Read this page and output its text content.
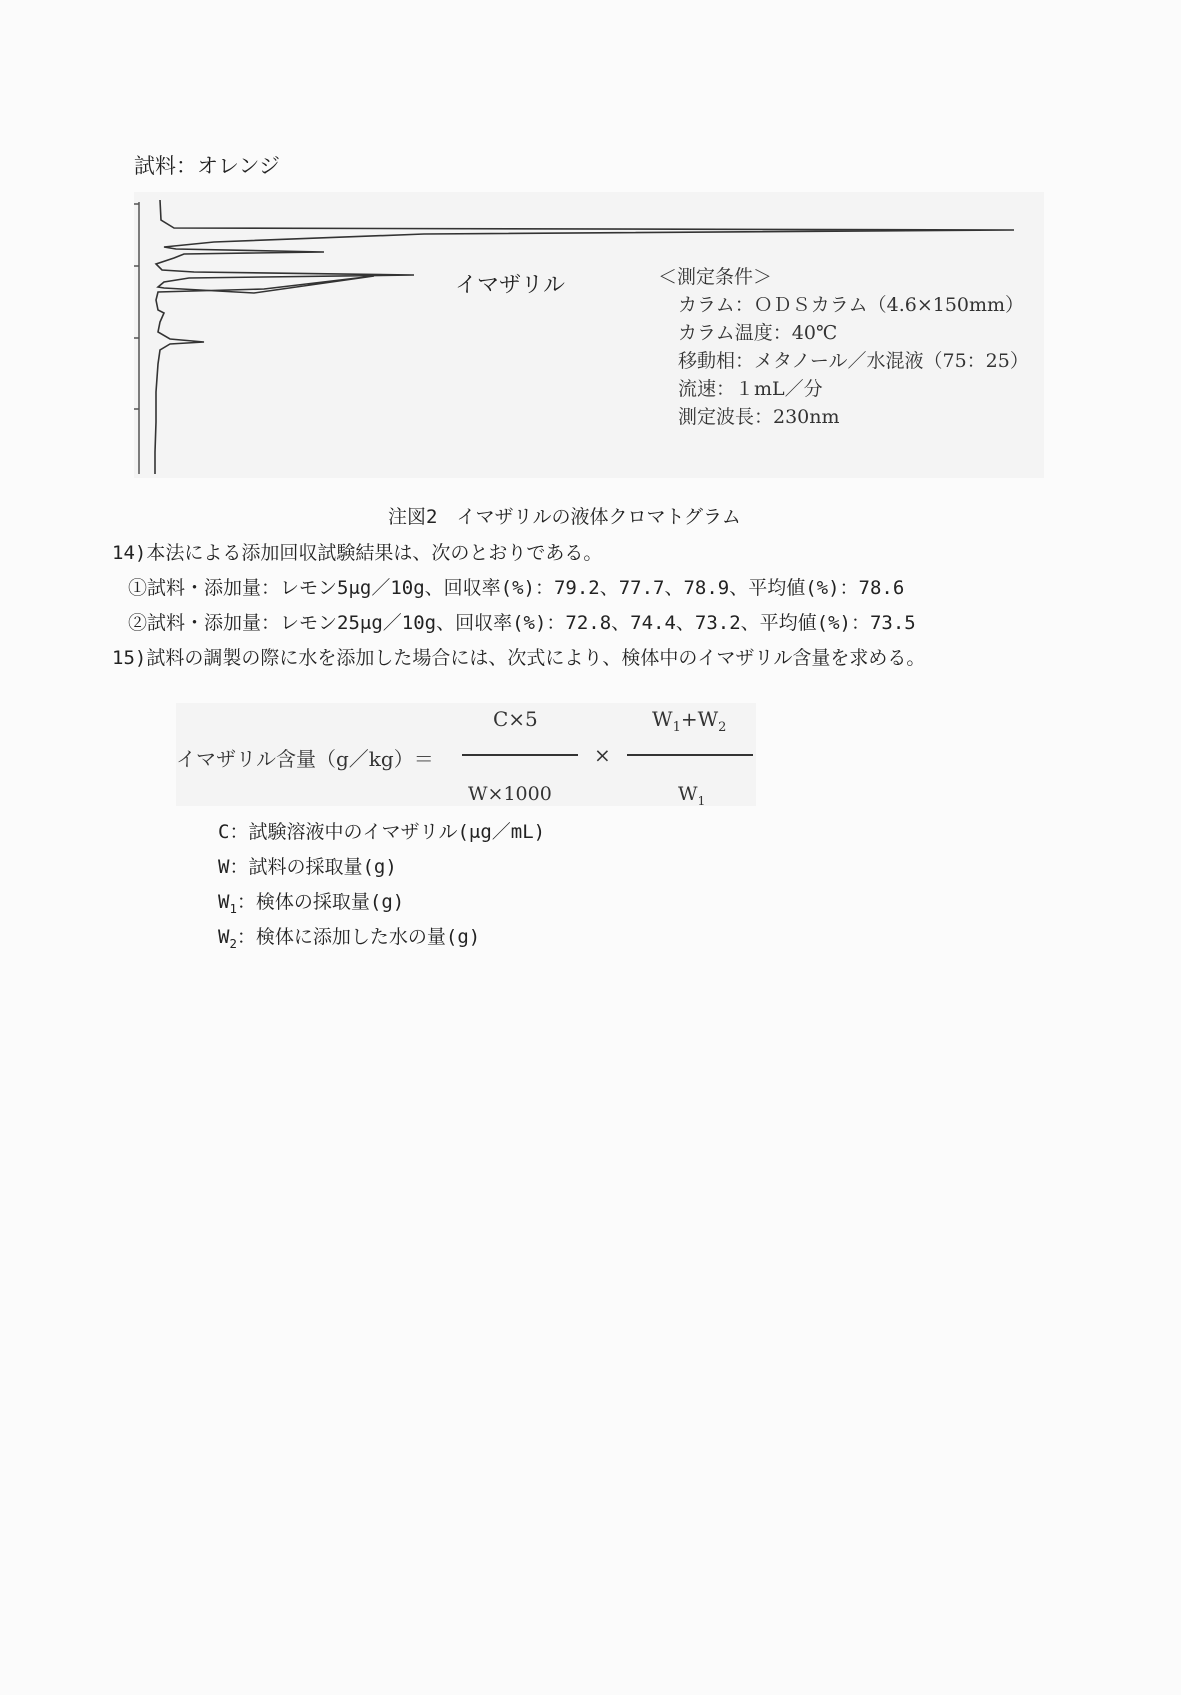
試料：オレンジ
イマザリル	＜測定条件＞
カラム：ＯＤＳカラム（4.6×150mm）
カラム温度：40℃
移動相：メタノール／水混液（75：25）
流速：１mL／分
測定波長：230nm
注図2　イマザリルの液体クロマトグラム
14)本法による添加回収試験結果は、次のとおりである。
①試料・添加量：レモン5μg／10g、回収率(%)：79.2、77.7、78.9、平均値(%)：78.6
②試料・添加量：レモン25μg／10g、回収率(%)：72.8、74.4、73.2、平均値(%)：73.5
15)試料の調製の際に水を添加した場合には、次式により、検体中のイマザリル含量を求める。
イマザリル含量（g／kg）＝
C×5
W×1000
×
$W_1+W_2$
$W_1$
C：試験溶液中のイマザリル(μg／mL)
W：試料の採取量(g)
$W_1$：検体の採取量(g)
$W_2$：検体に添加した水の量(g)
